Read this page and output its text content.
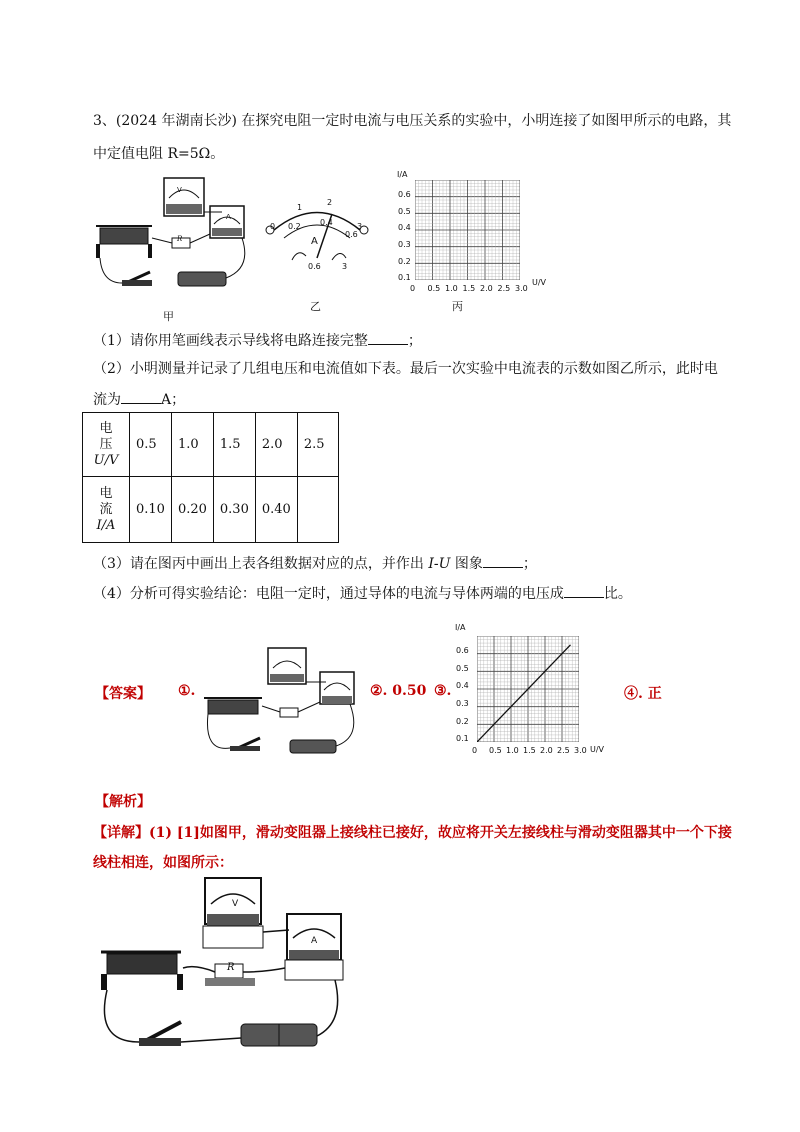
3、(2024 年湖南长沙) 在探究电阻一定时电流与电压关系的实验中，小明连接了如图甲所示的电路，其
中定值电阻 R=5Ω。
甲
V
A
R
0
1
2
3
0.2 0.4
0.6
A
0.6	3
乙
I/A
U/V
0.6
0.5
0.4
0.3
0.2
0.1
0 0.5 1.0 1.5 2.0 2.5 3.0
丙
（1）请你用笔画线表示导线将电路连接完整	；
（2）小明测量并记录了几组电压和电流值如下表。最后一次实验中电流表的示数如图乙所示，此时电
流为	A；
电
压
U/V	0.5	1.0	1.5	2.0	2.5

电
流
I/A	0.10	0.20	0.30	0.40	
（3）请在图丙中画出上表各组数据对应的点，并作出 I-U 图象	；
（4）分析可得实验结论：电阻一定时，通过导体的电流与导体两端的电压成	比。
【答案】 ①.	②. 0.50 ③.
I/A
U/V
0.6
0.5
0.4
0.3
0.2
0.1
0 0.5 1.0 1.5 2.0 2.5 3.0
④. 正
【解析】
【详解】(1) [1]如图甲，滑动变阻器上接线柱已接好，故应将开关左接线柱与滑动变阻器其中一个下接
线柱相连，如图所示：
V
A
R
